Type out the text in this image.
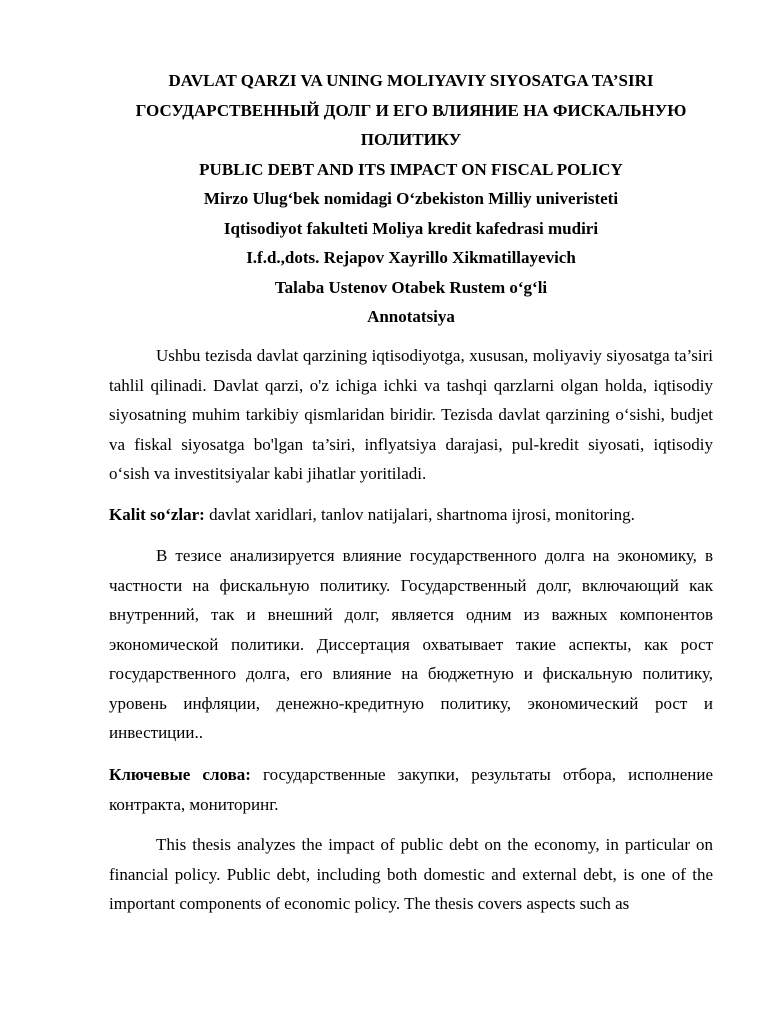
DAVLAT QARZI VA UNING MOLIYAVIY SIYOSATGA TA’SIRI
ГОСУДАРСТВЕННЫЙ ДОЛГ И ЕГО ВЛИЯНИЕ НА ФИСКАЛЬНУЮ ПОЛИТИКУ
PUBLIC DEBT AND ITS IMPACT ON FISCAL POLICY
Mirzo Ulug‘bek nomidagi O‘zbekiston Milliy univeristeti
Iqtisodiyot fakulteti Moliya kredit kafedrasi mudiri
I.f.d.,dots. Rejapov Xayrillo Xikmatillayevich
Talaba Ustenov Otabek Rustem o‘g‘li
Annotatsiya

Ushbu tezisda davlat qarzining iqtisodiyotga, xususan, moliyaviy siyosatga ta’siri tahlil qilinadi. Davlat qarzi, o'z ichiga ichki va tashqi qarzlarni olgan holda, iqtisodiy siyosatning muhim tarkibiy qismlaridan biridir. Tezisda davlat qarzining o‘sishi, budjet va fiskal siyosatga bo'lgan ta’siri, inflyatsiya darajasi, pul-kredit siyosati, iqtisodiy o‘sish va investitsiyalar kabi jihatlar yoritiladi.

Kalit so‘zlar: davlat xaridlari, tanlov natijalari, shartnoma ijrosi, monitoring.

В тезисе анализируется влияние государственного долга на экономику, в частности на фискальную политику. Государственный долг, включающий как внутренний, так и внешний долг, является одним из важных компонентов экономической политики. Диссертация охватывает такие аспекты, как рост государственного долга, его влияние на бюджетную и фискальную политику, уровень инфляции, денежно-кредитную политику, экономический рост и инвестиции..

Ключевые слова: государственные закупки, результаты отбора, исполнение контракта, мониторинг.

This thesis analyzes the impact of public debt on the economy, in particular on financial policy. Public debt, including both domestic and external debt, is one of the important components of economic policy. The thesis covers aspects such as
